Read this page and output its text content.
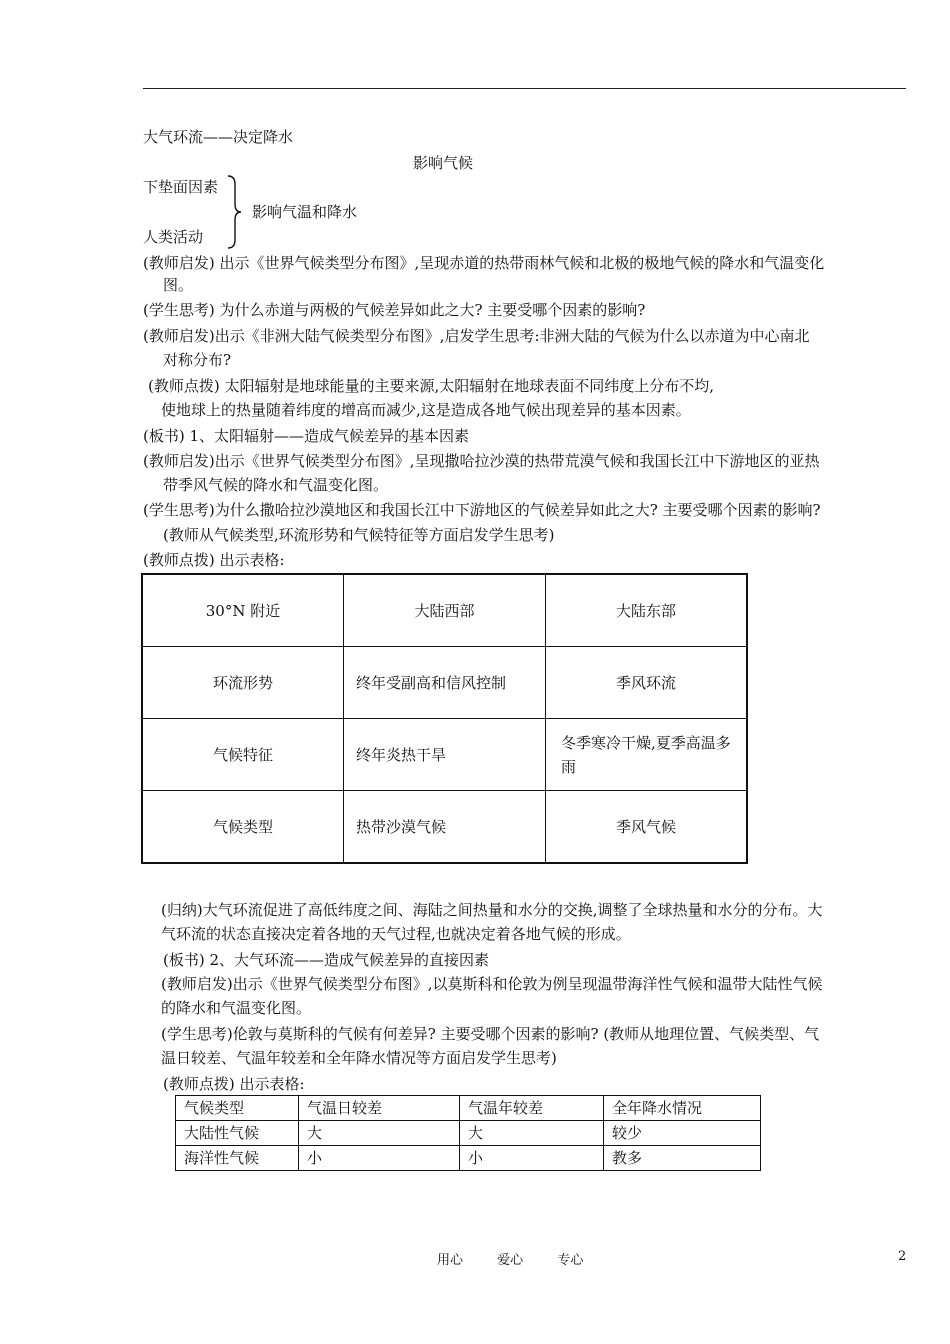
大气环流——决定降水
影响气候
下垫面因素
影响气温和降水
人类活动
(教师启发) 出示《世界气候类型分布图》,呈现赤道的热带雨林气候和北极的极地气候的降水和气温变化
图。
(学生思考) 为什么赤道与两极的气候差异如此之大? 主要受哪个因素的影响?
(教师启发)出示《非洲大陆气候类型分布图》,启发学生思考:非洲大陆的气候为什么以赤道为中心南北
对称分布?
(教师点拨) 太阳辐射是地球能量的主要来源,太阳辐射在地球表面不同纬度上分布不均,
使地球上的热量随着纬度的增高而减少,这是造成各地气候出现差异的基本因素。
(板书) 1、太阳辐射——造成气候差异的基本因素
(教师启发)出示《世界气候类型分布图》,呈现撒哈拉沙漠的热带荒漠气候和我国长江中下游地区的亚热
带季风气候的降水和气温变化图。
(学生思考)为什么撒哈拉沙漠地区和我国长江中下游地区的气候差异如此之大? 主要受哪个因素的影响?
(教师从气候类型,环流形势和气候特征等方面启发学生思考)
(教师点拨) 出示表格:
30°N 附近	大陆西部	大陆东部
环流形势	终年受副高和信风控制	季风环流
气候特征	终年炎热干旱	冬季寒冷干燥,夏季高温多雨
气候类型	热带沙漠气候	季风气候
(归纳)大气环流促进了高低纬度之间、海陆之间热量和水分的交换,调整了全球热量和水分的分布。大
气环流的状态直接决定着各地的天气过程,也就决定着各地气候的形成。
(板书) 2、大气环流——造成气候差异的直接因素
(教师启发)出示《世界气候类型分布图》,以莫斯科和伦敦为例呈现温带海洋性气候和温带大陆性气候
的降水和气温变化图。
(学生思考)伦敦与莫斯科的气候有何差异? 主要受哪个因素的影响? (教师从地理位置、气候类型、气
温日较差、气温年较差和全年降水情况等方面启发学生思考)
(教师点拨) 出示表格:
气候类型	气温日较差	气温年较差	全年降水情况
大陆性气候	大	大	较少
海洋性气候	小	小	教多
用心	爱心	专心	2
